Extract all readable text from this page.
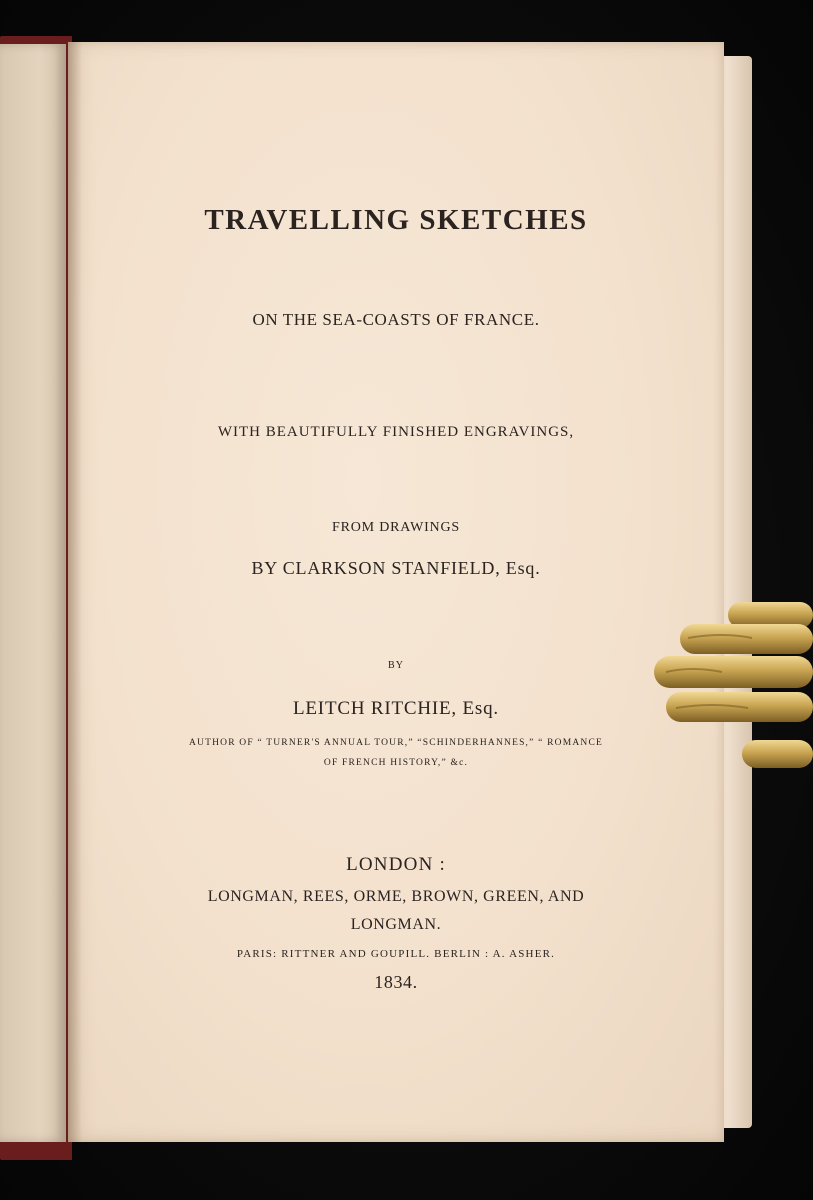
TRAVELLING SKETCHES
ON THE SEA-COASTS OF FRANCE.
WITH BEAUTIFULLY FINISHED ENGRAVINGS,
FROM DRAWINGS
BY CLARKSON STANFIELD, Esq.
BY
LEITCH RITCHIE, Esq.
AUTHOR OF “ TURNER'S ANNUAL TOUR,” “SCHINDERHANNES,” “ ROMANCE
OF FRENCH HISTORY,” &c.
LONDON :
LONGMAN, REES, ORME, BROWN, GREEN, AND
LONGMAN.
PARIS: RITTNER AND GOUPILL. BERLIN : A. ASHER.
1834.
